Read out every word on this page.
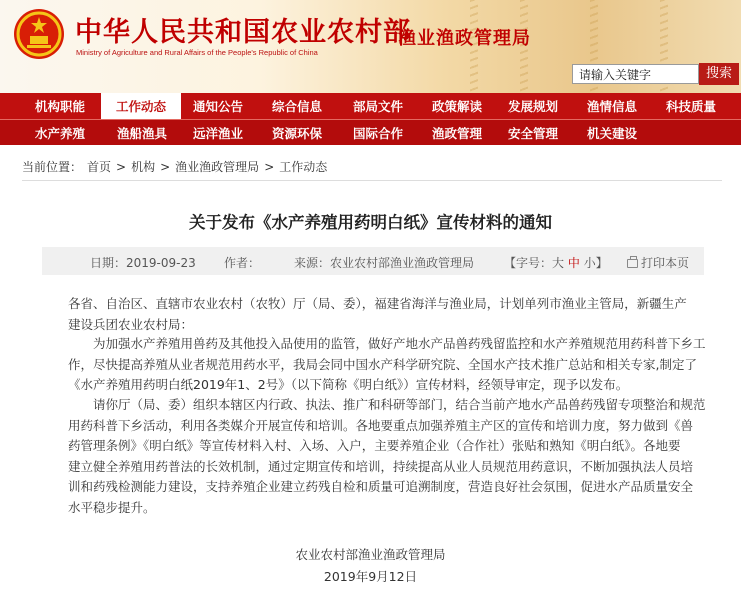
中华人民共和国农业农村部
Ministry of Agriculture and Rural Affairs of the People's Republic of China
渔业渔政管理局
请输入关键字
搜索
机构职能	工作动态	通知公告	综合信息	部局文件	政策解读	发展规划	渔情信息	科技质量
水产养殖	渔船渔具	远洋渔业	资源环保	国际合作	渔政管理	安全管理	机关建设
当前位置： 首页 > 机构 > 渔业渔政管理局 > 工作动态
关于发布《水产养殖用药明白纸》宣传材料的通知
日期：2019-09-23 作者：	来源：农业农村部渔业渔政管理局 【字号：大 中 小】	打印本页

各省、自治区、直辖市农业农村（农牧）厅（局、委），福建省海洋与渔业局，计划单列市渔业主管局，新疆生产

建设兵团农业农村局：

　　为加强水产养殖用兽药及其他投入品使用的监管，做好产地水产品兽药残留监控和水产养殖规范用药科普下乡工

作，尽快提高养殖从业者规范用药水平，我局会同中国水产科学研究院、全国水产技术推广总站和相关专家,制定了

《水产养殖用药明白纸2019年1、2号》（以下简称《明白纸》）宣传材料，经领导审定，现予以发布。

　　请你厅（局、委）组织本辖区内行政、执法、推广和科研等部门，结合当前产地水产品兽药残留专项整治和规范

用药科普下乡活动，利用各类媒介开展宣传和培训。各地要重点加强养殖主产区的宣传和培训力度，努力做到《兽

药管理条例》《明白纸》等宣传材料入村、入场、入户，主要养殖企业（合作社）张贴和熟知《明白纸》。各地要

建立健全养殖用药普法的长效机制，通过定期宣传和培训，持续提高从业人员规范用药意识，不断加强执法人员培

训和药残检测能力建设，支持养殖企业建立药残自检和质量可追溯制度，营造良好社会氛围，促进水产品质量安全

水平稳步提升。

农业农村部渔业渔政管理局
2019年9月12日
